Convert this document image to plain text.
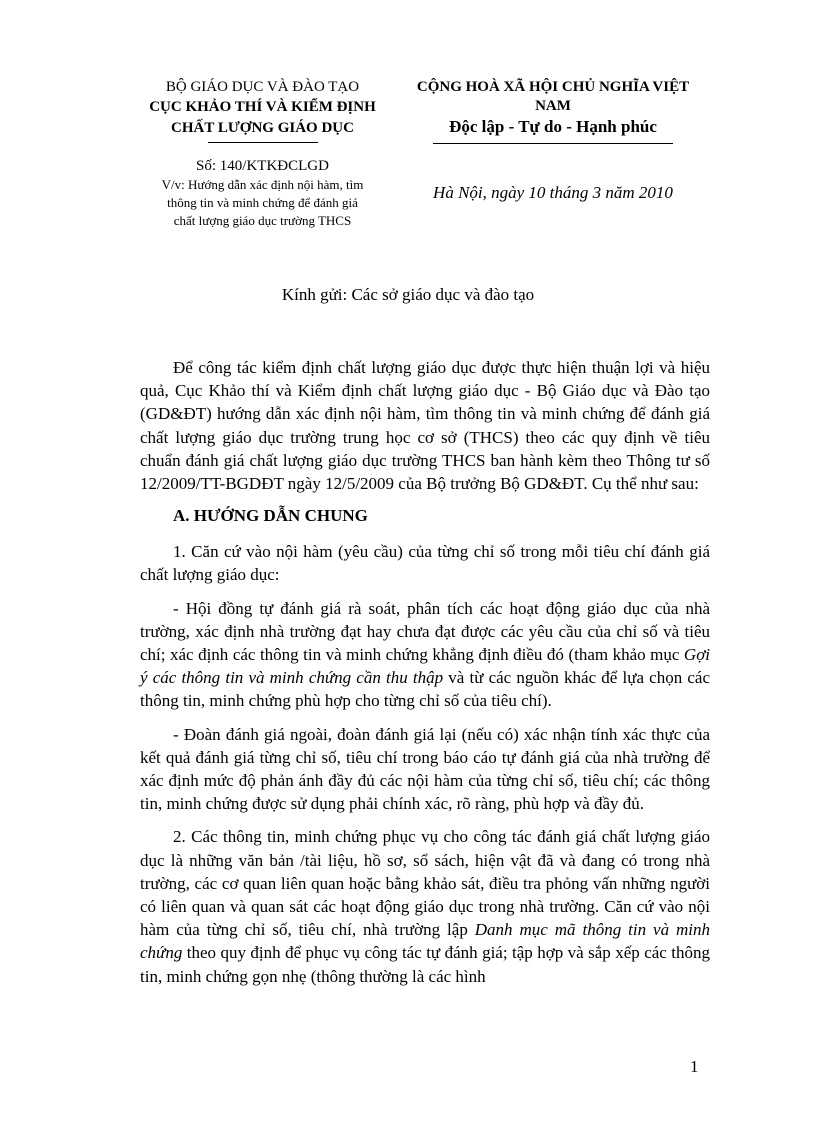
BỘ GIÁO DỤC VÀ ĐÀO TẠO
CỤC KHẢO THÍ VÀ KIỂM ĐỊNH
CHẤT LƯỢNG GIÁO DỤC
Số: 140/KTKĐCLGD
V/v: Hướng dẫn xác định nội hàm, tìm
thông tin và minh chứng để đánh giá
chất lượng giáo dục trường THCS
CỘNG HOÀ XÃ HỘI CHỦ NGHĨA VIỆT NAM
Độc lập - Tự do - Hạnh phúc
Hà Nội, ngày 10 tháng 3 năm 2010
Kính gửi: Các sở giáo dục và đào tạo

Để công tác kiểm định chất lượng giáo dục được thực hiện thuận lợi và hiệu quả, Cục Khảo thí và Kiểm định chất lượng giáo dục - Bộ Giáo dục và Đào tạo (GD&ĐT) hướng dẫn xác định nội hàm, tìm thông tin và minh chứng để đánh giá chất lượng giáo dục trường trung học cơ sở (THCS) theo các quy định về tiêu chuẩn đánh giá chất lượng giáo dục trường THCS ban hành kèm theo Thông tư số 12/2009/TT-BGDĐT ngày 12/5/2009 của Bộ trưởng Bộ GD&ĐT. Cụ thể như sau:

A. HƯỚNG DẪN CHUNG

1. Căn cứ vào nội hàm (yêu cầu) của từng chỉ số trong mỗi tiêu chí đánh giá chất lượng giáo dục:

- Hội đồng tự đánh giá rà soát, phân tích các hoạt động giáo dục của nhà trường, xác định nhà trường đạt hay chưa đạt được các yêu cầu của chỉ số và tiêu chí; xác định các thông tin và minh chứng khẳng định điều đó (tham khảo mục Gợi ý các thông tin và minh chứng cần thu thập và từ các nguồn khác để lựa chọn các thông tin, minh chứng phù hợp cho từng chỉ số của tiêu chí).

- Đoàn đánh giá ngoài, đoàn đánh giá lại (nếu có) xác nhận tính xác thực của kết quả đánh giá từng chỉ số, tiêu chí trong báo cáo tự đánh giá của nhà trường để xác định mức độ phản ánh đầy đủ các nội hàm của từng chỉ số, tiêu chí; các thông tin, minh chứng được sử dụng phải chính xác, rõ ràng, phù hợp và đầy đủ.

2. Các thông tin, minh chứng phục vụ cho công tác đánh giá chất lượng giáo dục là những văn bản /tài liệu, hồ sơ, sổ sách, hiện vật đã và đang có trong nhà trường, các cơ quan liên quan hoặc bằng khảo sát, điều tra phỏng vấn những người có liên quan và quan sát các hoạt động giáo dục trong nhà trường. Căn cứ vào nội hàm của từng chỉ số, tiêu chí, nhà trường lập Danh mục mã thông tin và minh chứng theo quy định để phục vụ công tác tự đánh giá; tập hợp và sắp xếp các thông tin, minh chứng gọn nhẹ (thông thường là các hình

1
